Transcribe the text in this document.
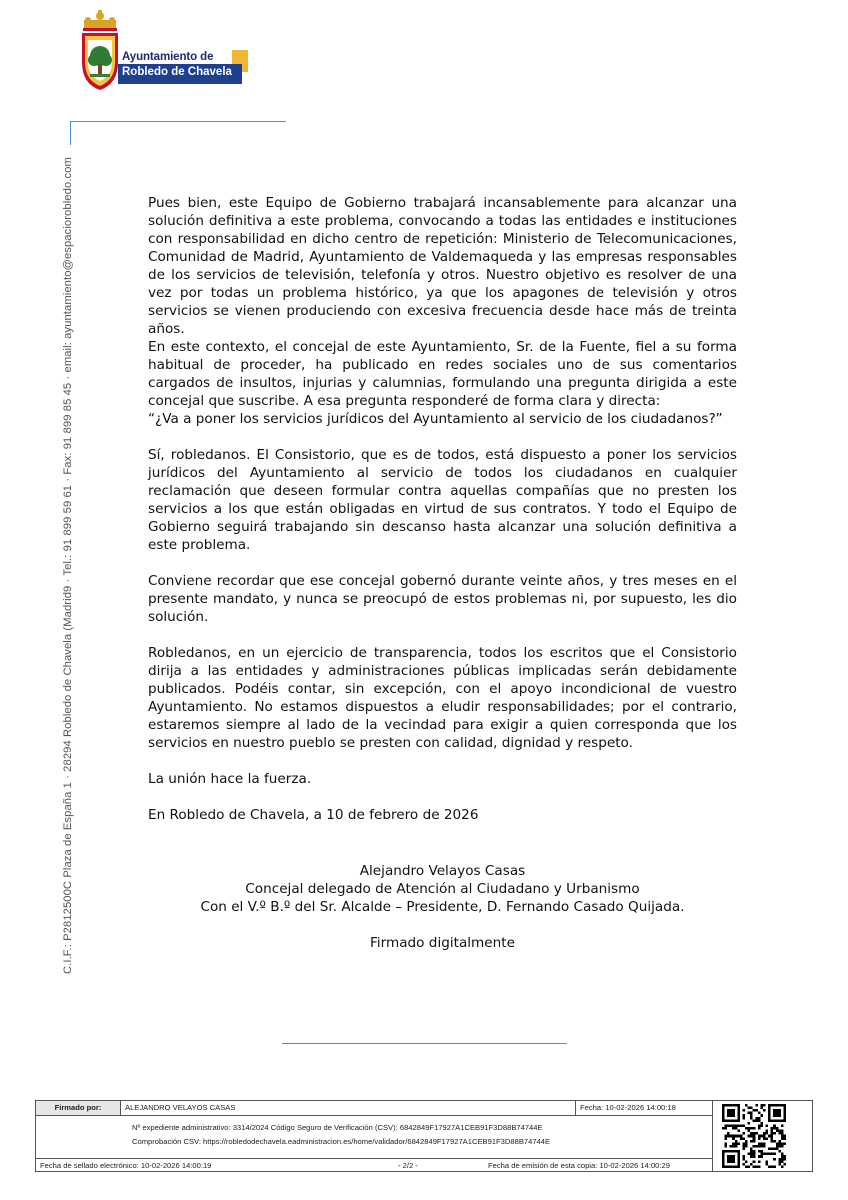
Ayuntamiento de
Robledo de Chavela
C.I.F.: P2812500C Plaza de España 1 · 28294 Robledo de Chavela (Madrid9 · Tel.: 91 899 59 61 · Fax: 91 899 85 45 · email: ayuntamiento@espaciorobledo.com	Pues bien, este Equipo de Gobierno trabajará incansablemente para alcanzar una solución definitiva a este problema, convocando a todas las entidades e instituciones con responsabilidad en dicho centro de repetición: Ministerio de Telecomunicaciones, Comunidad de Madrid, Ayuntamiento de Valdemaqueda y las empresas responsables de los servicios de televisión, telefonía y otros. Nuestro objetivo es resolver de una vez por todas un problema histórico, ya que los apagones de televisión y otros servicios se vienen produciendo con excesiva frecuencia desde hace más de treinta años.

En este contexto, el concejal de este Ayuntamiento, Sr. de la Fuente, fiel a su forma habitual de proceder, ha publicado en redes sociales uno de sus comentarios cargados de insultos, injurias y calumnias, formulando una pregunta dirigida a este concejal que suscribe. A esa pregunta responderé de forma clara y directa:

“¿Va a poner los servicios jurídicos del Ayuntamiento al servicio de los ciudadanos?”

Sí, robledanos. El Consistorio, que es de todos, está dispuesto a poner los servicios jurídicos del Ayuntamiento al servicio de todos los ciudadanos en cualquier reclamación que deseen formular contra aquellas compañías que no presten los servicios a los que están obligadas en virtud de sus contratos. Y todo el Equipo de Gobierno seguirá trabajando sin descanso hasta alcanzar una solución definitiva a este problema.

Conviene recordar que ese concejal gobernó durante veinte años, y tres meses en el presente mandato, y nunca se preocupó de estos problemas ni, por supuesto, les dio solución.

Robledanos, en un ejercicio de transparencia, todos los escritos que el Consistorio dirija a las entidades y administraciones públicas implicadas serán debidamente publicados. Podéis contar, sin excepción, con el apoyo incondicional de vuestro Ayuntamiento. No estamos dispuestos a eludir responsabilidades; por el contrario, estaremos siempre al lado de la vecindad para exigir a quien corresponda que los servicios en nuestro pueblo se presten con calidad, dignidad y respeto.

La unión hace la fuerza.

En Robledo de Chavela, a 10 de febrero de 2026

Alejandro Velayos Casas

Concejal delegado de Atención al Ciudadano y Urbanismo

Con el V.º B.º del Sr. Alcalde – Presidente, D. Fernando Casado Quijada.

Firmado digitalmente

Firmado por:	ALEJANDRO VELAYOS CASAS	Fecha: 10-02-2026 14:00:18
Nº expediente administrativo: 3314/2024 Código Seguro de Verificación (CSV): 6842849F17927A1CEB91F3D88B74744E
Comprobación CSV: https://robledodechavela.eadministracion.es/home/validador/6842849F17927A1CEB91F3D88B74744E
Fecha de sellado electrónico: 10-02-2026 14:00:19	- 2/2 -	Fecha de emisión de esta copia: 10-02-2026 14:00:29
